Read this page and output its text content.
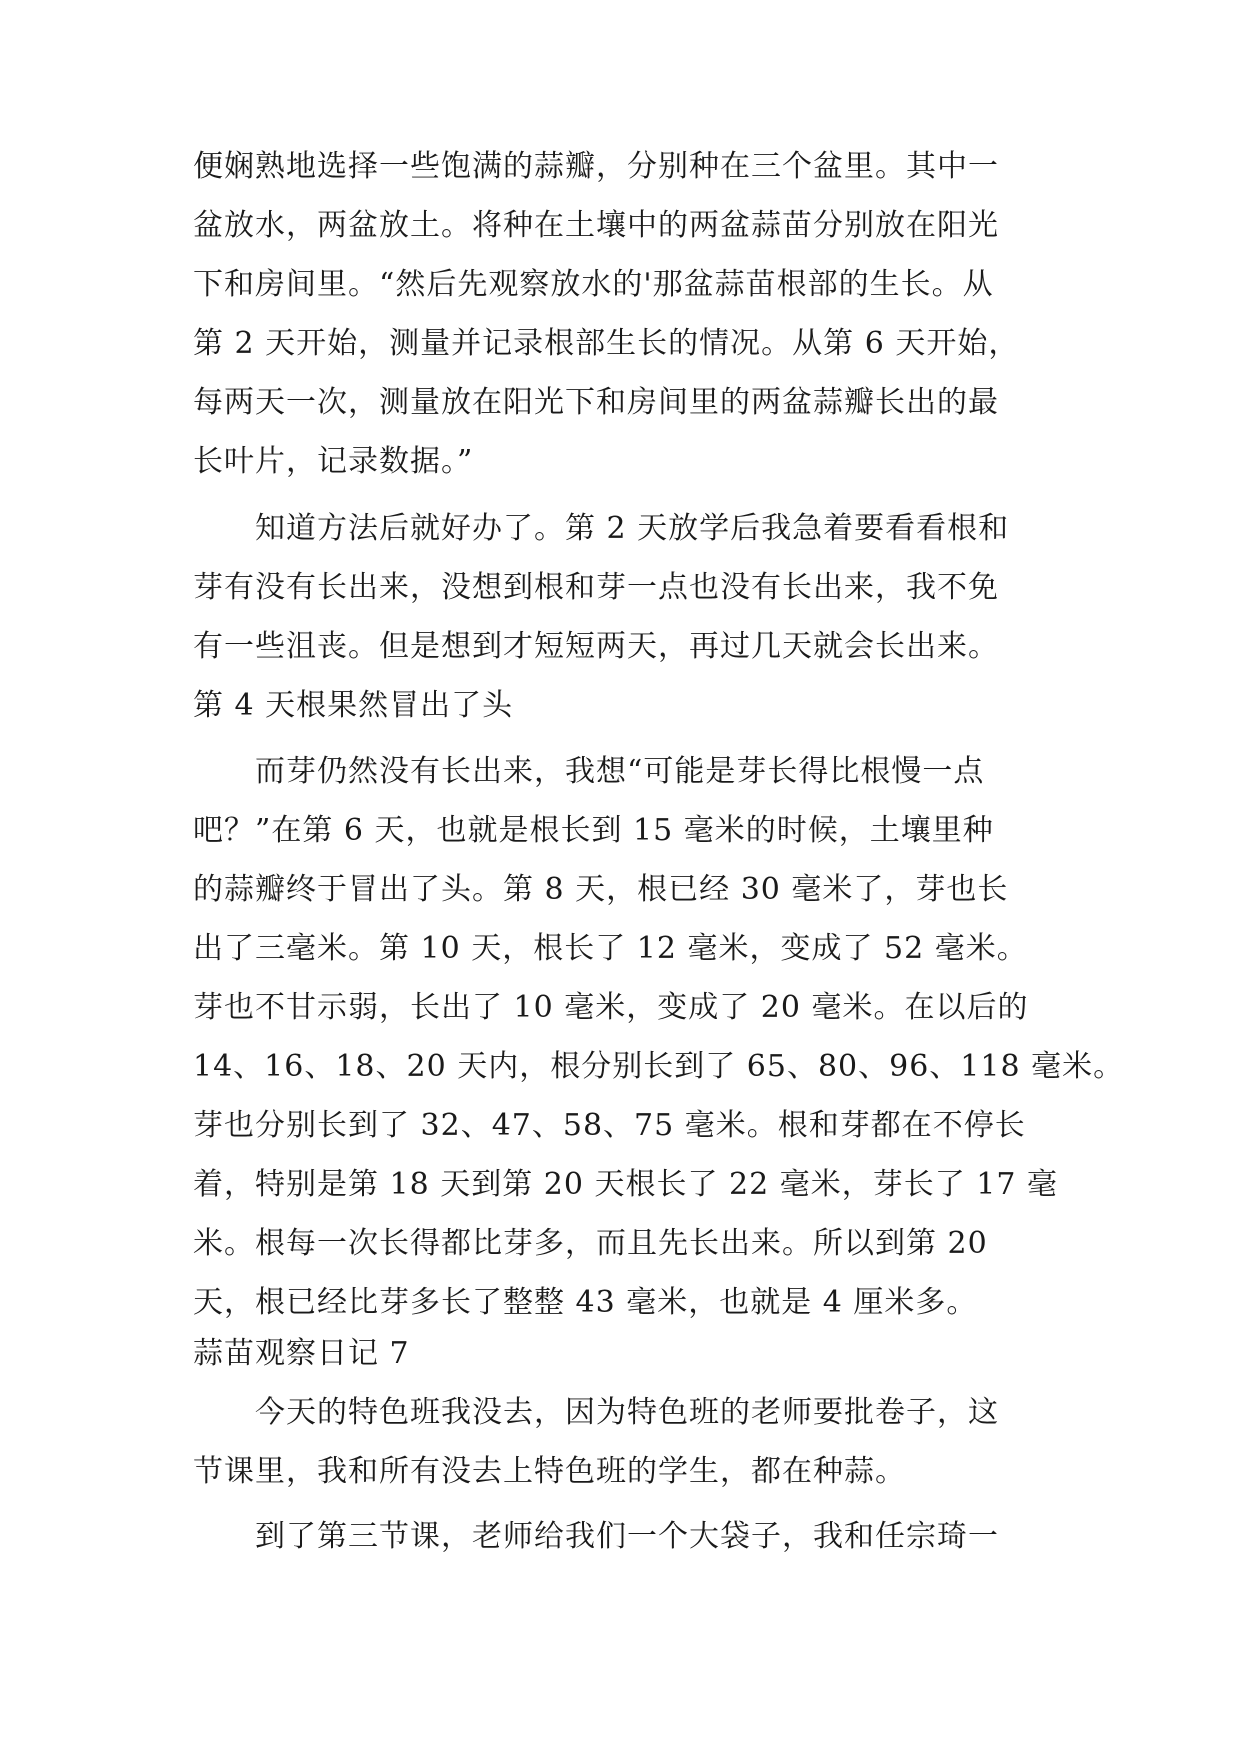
便娴熟地选择一些饱满的蒜瓣，分别种在三个盆里。其中一
盆放水，两盆放土。将种在土壤中的两盆蒜苗分别放在阳光
下和房间里。“然后先观察放水的'那盆蒜苗根部的生长。从
第 2 天开始，测量并记录根部生长的情况。从第 6 天开始，
每两天一次，测量放在阳光下和房间里的两盆蒜瓣长出的最
长叶片，记录数据。”
知道方法后就好办了。第 2 天放学后我急着要看看根和
芽有没有长出来，没想到根和芽一点也没有长出来，我不免
有一些沮丧。但是想到才短短两天，再过几天就会长出来。
第 4 天根果然冒出了头
而芽仍然没有长出来，我想“可能是芽长得比根慢一点
吧？”在第 6 天，也就是根长到 15 毫米的时候，土壤里种
的蒜瓣终于冒出了头。第 8 天，根已经 30 毫米了，芽也长
出了三毫米。第 10 天，根长了 12 毫米，变成了 52 毫米。
芽也不甘示弱，长出了 10 毫米，变成了 20 毫米。在以后的
14、16、18、20 天内，根分别长到了 65、80、96、118 毫米。
芽也分别长到了 32、47、58、75 毫米。根和芽都在不停长
着，特别是第 18 天到第 20 天根长了 22 毫米，芽长了 17 毫
米。根每一次长得都比芽多，而且先长出来。所以到第 20
天，根已经比芽多长了整整 43 毫米，也就是 4 厘米多。
蒜苗观察日记 7
今天的特色班我没去，因为特色班的老师要批卷子，这
节课里，我和所有没去上特色班的学生，都在种蒜。
到了第三节课，老师给我们一个大袋子，我和任宗琦一
